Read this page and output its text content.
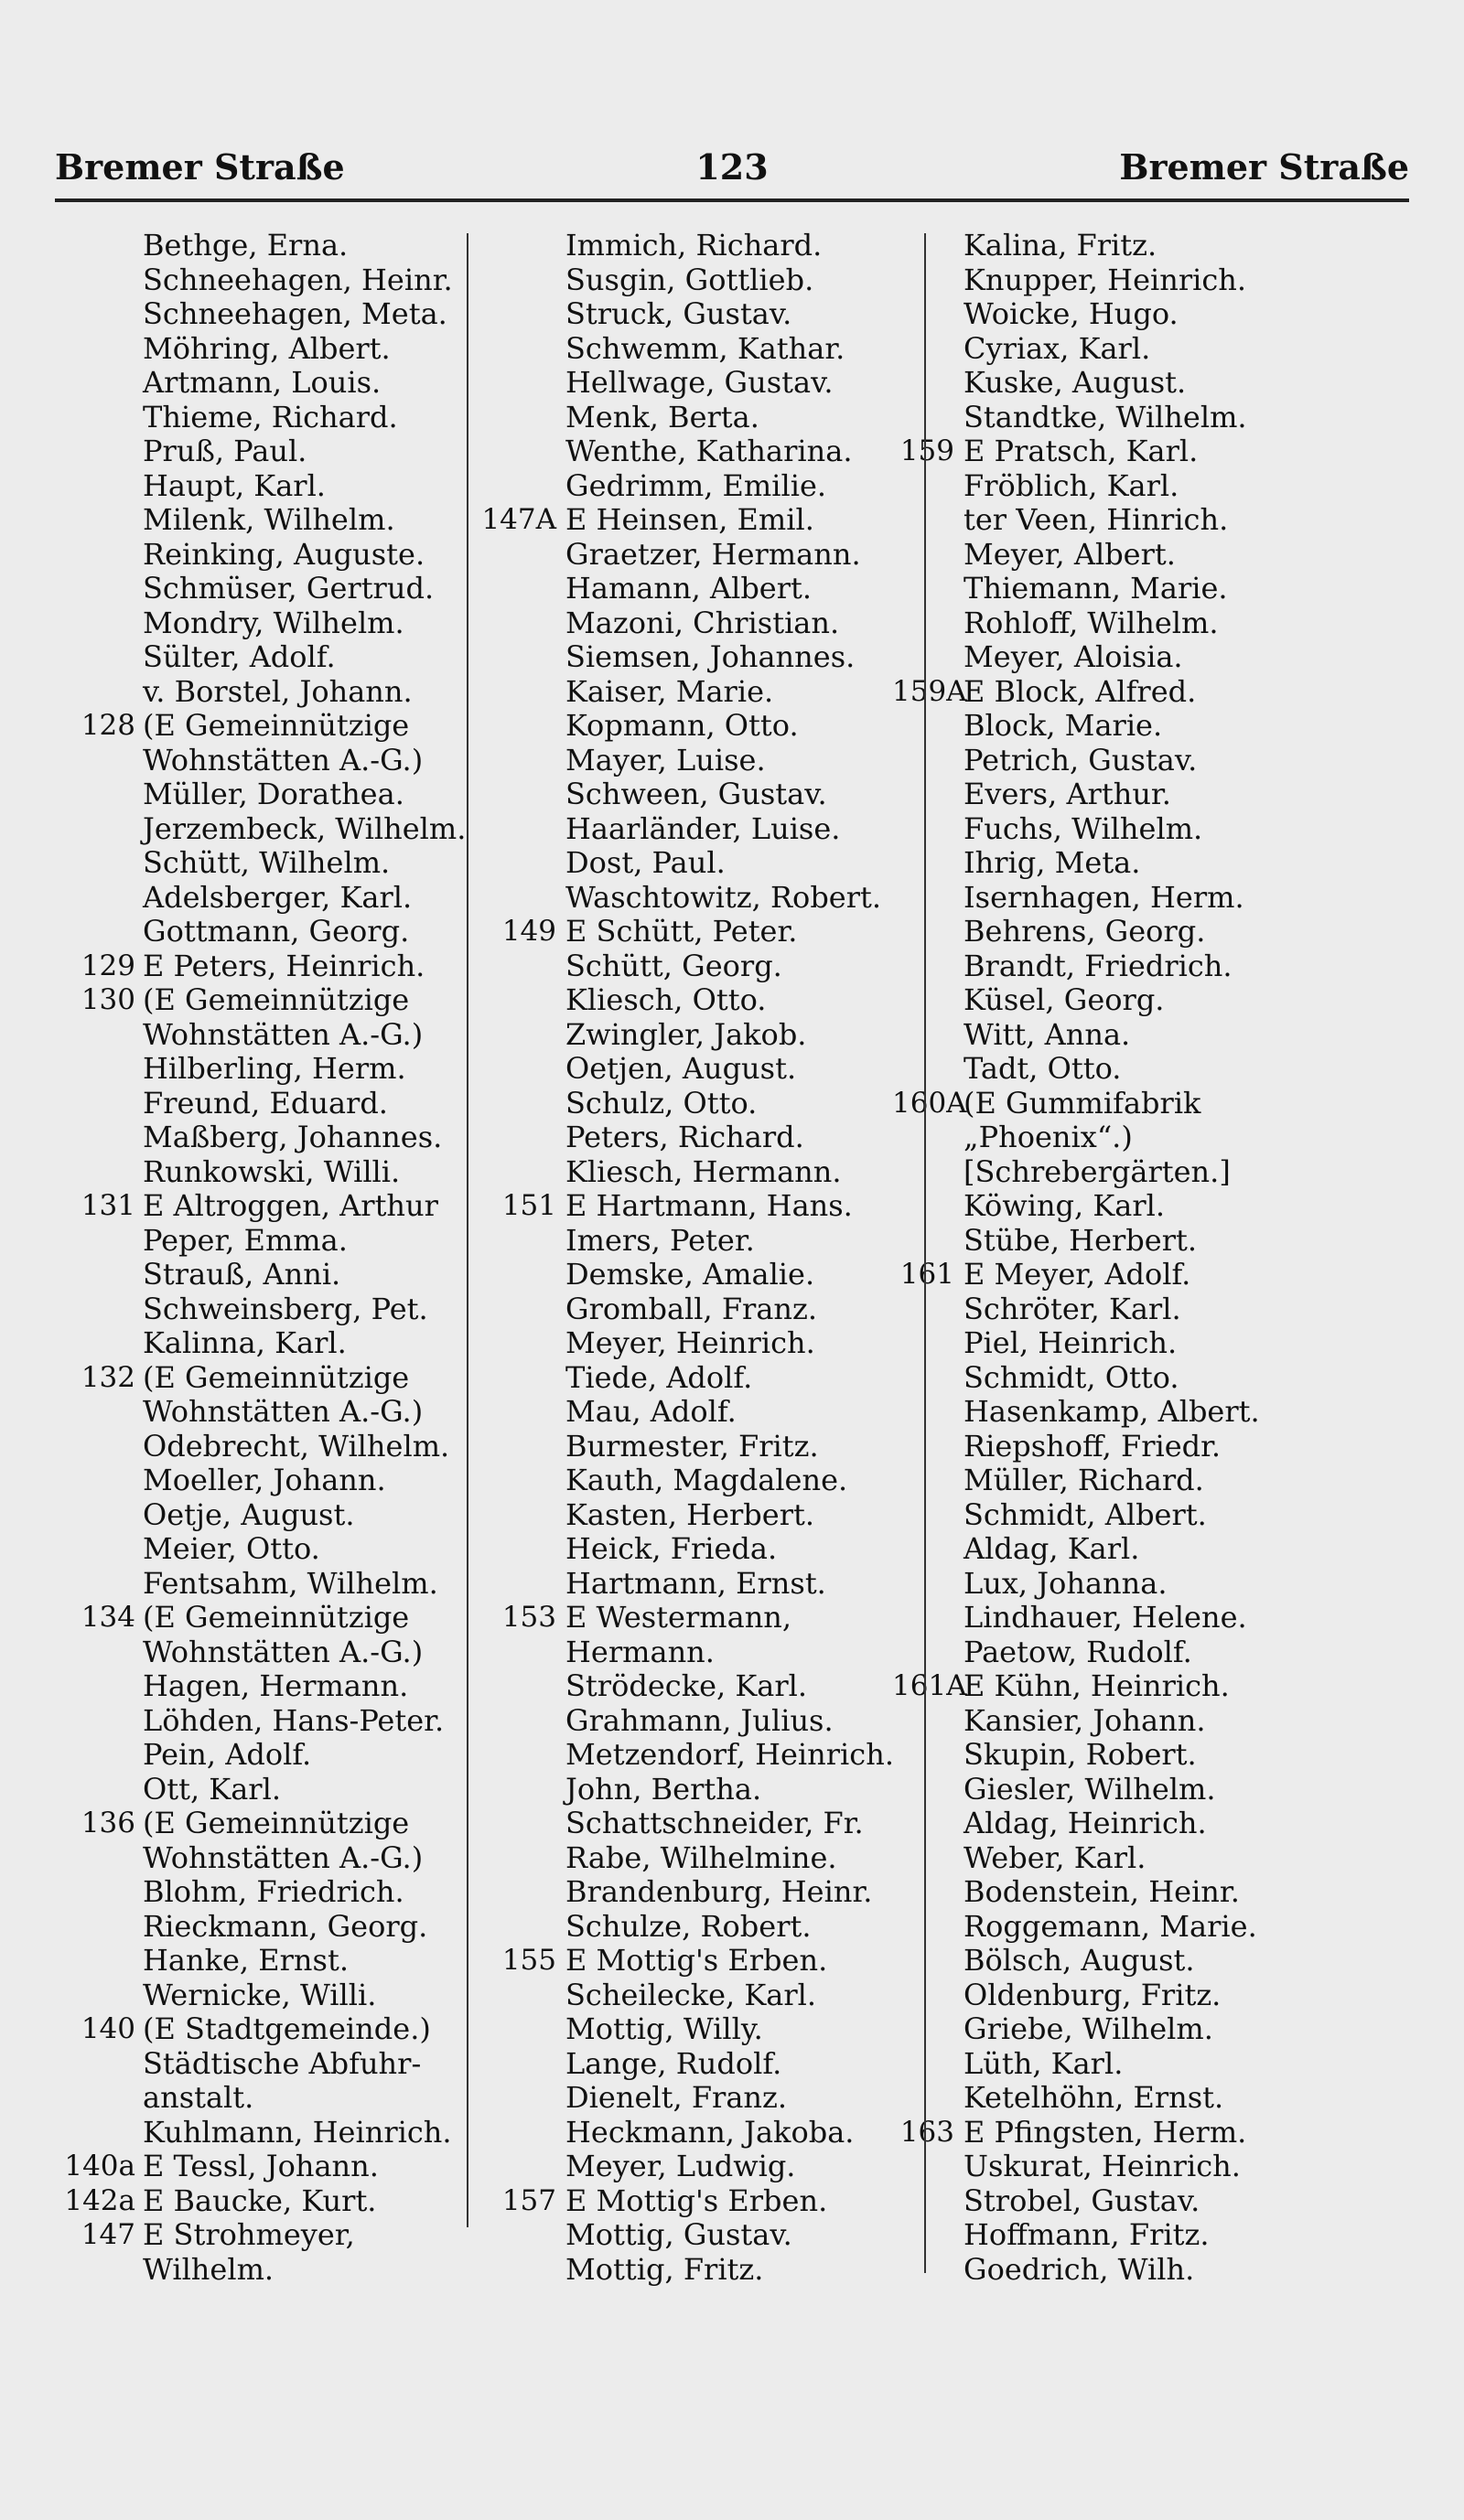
Bremer Straße	123	Bremer Straße
Bethge, Erna.
Schneehagen, Heinr.
Schneehagen, Meta.
Möhring, Albert.
Artmann, Louis.
Thieme, Richard.
Pruß, Paul.
Haupt, Karl.
Milenk, Wilhelm.
Reinking, Auguste.
Schmüser, Gertrud.
Mondry, Wilhelm.
Sülter, Adolf.
v. Borstel, Johann.
128 (E Gemeinnützige
Wohnstätten A.-G.)
Müller, Dorathea.
Jerzembeck, Wilhelm.
Schütt, Wilhelm.
Adelsberger, Karl.
Gottmann, Georg.
129 E Peters, Heinrich.
130 (E Gemeinnützige
Wohnstätten A.-G.)
Hilberling, Herm.
Freund, Eduard.
Maßberg, Johannes.
Runkowski, Willi.
131 E Altroggen, Arthur
Peper, Emma.
Strauß, Anni.
Schweinsberg, Pet.
Kalinna, Karl.
132 (E Gemeinnützige
Wohnstätten A.-G.)
Odebrecht, Wilhelm.
Moeller, Johann.
Oetje, August.
Meier, Otto.
Fentsahm, Wilhelm.
134 (E Gemeinnützige
Wohnstätten A.-G.)
Hagen, Hermann.
Löhden, Hans-Peter.
Pein, Adolf.
Ott, Karl.
136 (E Gemeinnützige
Wohnstätten A.-G.)
Blohm, Friedrich.
Rieckmann, Georg.
Hanke, Ernst.
Wernicke, Willi.
140 (E Stadtgemeinde.)
Städtische Abfuhr-
anstalt.
Kuhlmann, Heinrich.
140a E Tessl, Johann.
142a E Baucke, Kurt.
147 E Strohmeyer,
Wilhelm.
Immich, Richard.
Susgin, Gottlieb.
Struck, Gustav.
Schwemm, Kathar.
Hellwage, Gustav.
Menk, Berta.
Wenthe, Katharina.
Gedrimm, Emilie.
147A E Heinsen, Emil.
Graetzer, Hermann.
Hamann, Albert.
Mazoni, Christian.
Siemsen, Johannes.
Kaiser, Marie.
Kopmann, Otto.
Mayer, Luise.
Schween, Gustav.
Haarländer, Luise.
Dost, Paul.
Waschtowitz, Robert.
149 E Schütt, Peter.
Schütt, Georg.
Kliesch, Otto.
Zwingler, Jakob.
Oetjen, August.
Schulz, Otto.
Peters, Richard.
Kliesch, Hermann.
151 E Hartmann, Hans.
Imers, Peter.
Demske, Amalie.
Gromball, Franz.
Meyer, Heinrich.
Tiede, Adolf.
Mau, Adolf.
Burmester, Fritz.
Kauth, Magdalene.
Kasten, Herbert.
Heick, Frieda.
Hartmann, Ernst.
153 E Westermann,
Hermann.
Strödecke, Karl.
Grahmann, Julius.
Metzendorf, Heinrich.
John, Bertha.
Schattschneider, Fr.
Rabe, Wilhelmine.
Brandenburg, Heinr.
Schulze, Robert.
155 E Mottig's Erben.
Scheilecke, Karl.
Mottig, Willy.
Lange, Rudolf.
Dienelt, Franz.
Heckmann, Jakoba.
Meyer, Ludwig.
157 E Mottig's Erben.
Mottig, Gustav.
Mottig, Fritz.
Kalina, Fritz.
Knupper, Heinrich.
Woicke, Hugo.
Cyriax, Karl.
Kuske, August.
Standtke, Wilhelm.
159 E Pratsch, Karl.
Fröblich, Karl.
ter Veen, Hinrich.
Meyer, Albert.
Thiemann, Marie.
Rohloff, Wilhelm.
Meyer, Aloisia.
159A
E Block, Alfred.
Block, Marie.
Petrich, Gustav.
Evers, Arthur.
Fuchs, Wilhelm.
Ihrig, Meta.
Isernhagen, Herm.
Behrens, Georg.
Brandt, Friedrich.
Küsel, Georg.
Witt, Anna.
Tadt, Otto.
160A
(E Gummifabrik
„Phoenix“.)
[Schrebergärten.]
Köwing, Karl.
Stübe, Herbert.
161 E Meyer, Adolf.
Schröter, Karl.
Piel, Heinrich.
Schmidt, Otto.
Hasenkamp, Albert.
Riepshoff, Friedr.
Müller, Richard.
Schmidt, Albert.
Aldag, Karl.
Lux, Johanna.
Lindhauer, Helene.
Paetow, Rudolf.
161A
E Kühn, Heinrich.
Kansier, Johann.
Skupin, Robert.
Giesler, Wilhelm.
Aldag, Heinrich.
Weber, Karl.
Bodenstein, Heinr.
Roggemann, Marie.
Bölsch, August.
Oldenburg, Fritz.
Griebe, Wilhelm.
Lüth, Karl.
Ketelhöhn, Ernst.
163 E Pfingsten, Herm.
Uskurat, Heinrich.
Strobel, Gustav.
Hoffmann, Fritz.
Goedrich, Wilh.
